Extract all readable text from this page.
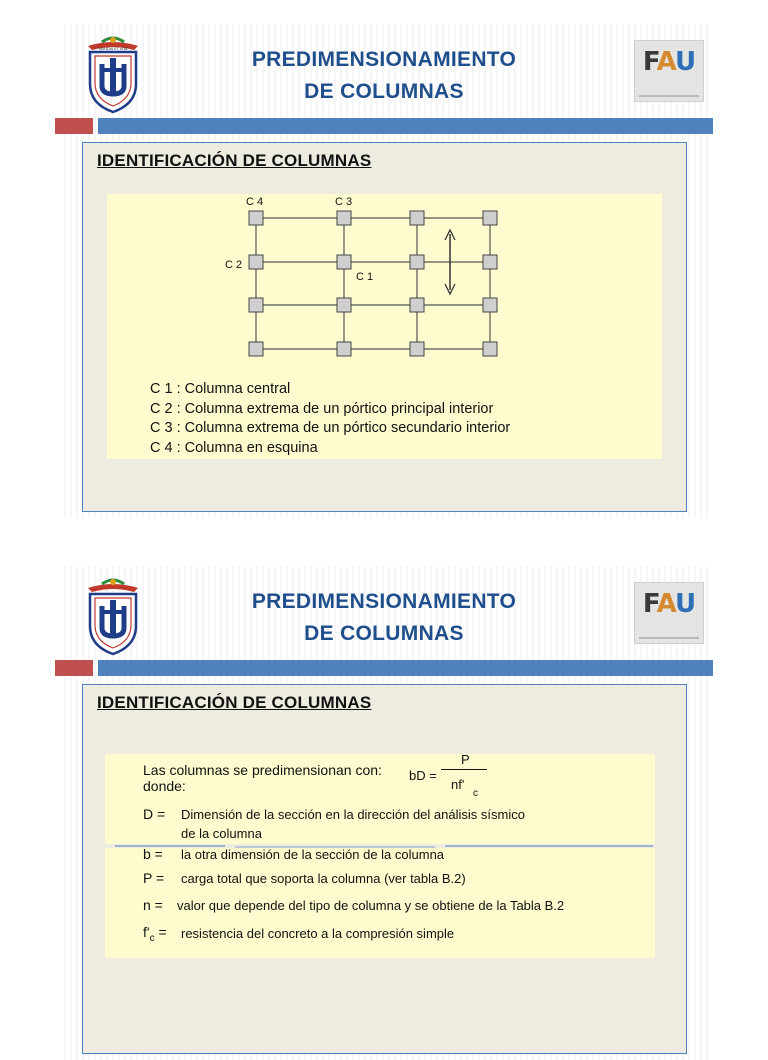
"VERITAS ET VITA"	PREDIMENSIONAMIENTO
DE COLUMNAS
FAU
IDENTIFICACIÓN DE COLUMNAS
C 4	C 3
C 2
C 1
C 1 : Columna central
C 2 : Columna extrema de un pórtico principal interior
C 3 : Columna extrema de un pórtico secundario interior
C 4 : Columna en esquina
PREDIMENSIONAMIENTO
DE COLUMNAS
FAU
IDENTIFICACIÓN DE COLUMNAS
Las columnas se predimensionan con:
donde:
bD =
P
nf'
c
D = Dimensión de la sección en la dirección del análisis sísmico
de la columna
b = la otra dimensión de la sección de la columna
P = carga total que soporta la columna (ver tabla B.2)
n = valor que depende del tipo de columna y se obtiene de la Tabla B.2
$f'_c$ = resistencia del concreto a la compresión simple
